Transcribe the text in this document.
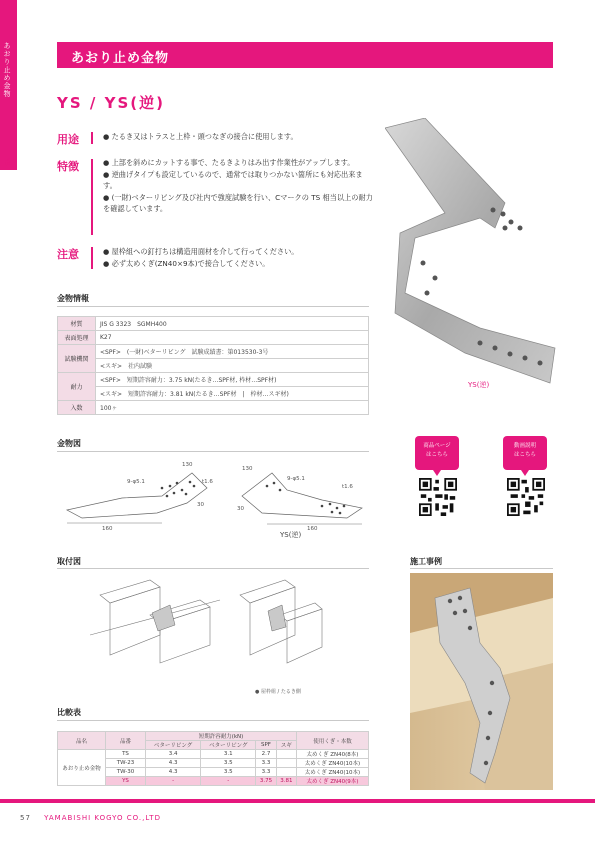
あおり止め金物
YS
あおり止め金物
YS / YS(逆)
用途	● たるき又はトラスと上枠・頭つなぎの接合に使用します。
特徴	● 上部を斜めにカットする事で、たるきよりはみ出す作業性がアップします。
● 逆曲げタイプも設定しているので、通常では取りつかない箇所にも対応出来ます。
● (一財)ベターリビング及び社内で強度試験を行い、Cマークの TS 相当以上の耐力を確認しています。
注意	● 屋枠組への釘打ちは構造用面材を介して行ってください。
● 必ず太めくぎ(ZN40×9本)で接合してください。
YS(逆)
金物情報
材質	JIS G 3323　SGMH400
表面処理	K27
試験機関	<SPF>　(一財)ベターリビング　試験成績書：第013530-3号
	<スギ>　社内試験
耐力	<SPF>　短期許容耐力：3.75 kN(たるき…SPF材, 枠材…SPF材)
	<スギ>　短期許容耐力：3.81 kN(たるき…SPF材　|　枠材…スギ材)
入数	100ヶ
金物図
160
9-φ5.1
130
30
t1.6
160
9-φ5.1
130
30
t1.6
YS(逆)
商品ページ
はこちら
動画説明
はこちら
取付図
● 屋枠組 / たるき側
施工事例
比較表
品名	品番	短期許容耐力(kN)				使用くぎ・本数
		ベターリビング	ベターリビング	SPF	スギ	
あおり止め金物	TS	3.4	3.1	2.7		太めくぎ ZN40(8本)
	TW-23	4.3	3.5	3.3		太めくぎ ZN40(10本)
	TW-30	4.3	3.5	3.3		太めくぎ ZN40(10本)
	YS	-	-	3.75	3.81	太めくぎ ZN40(9本)
57 YAMABISHI KOGYO CO.,LTD
